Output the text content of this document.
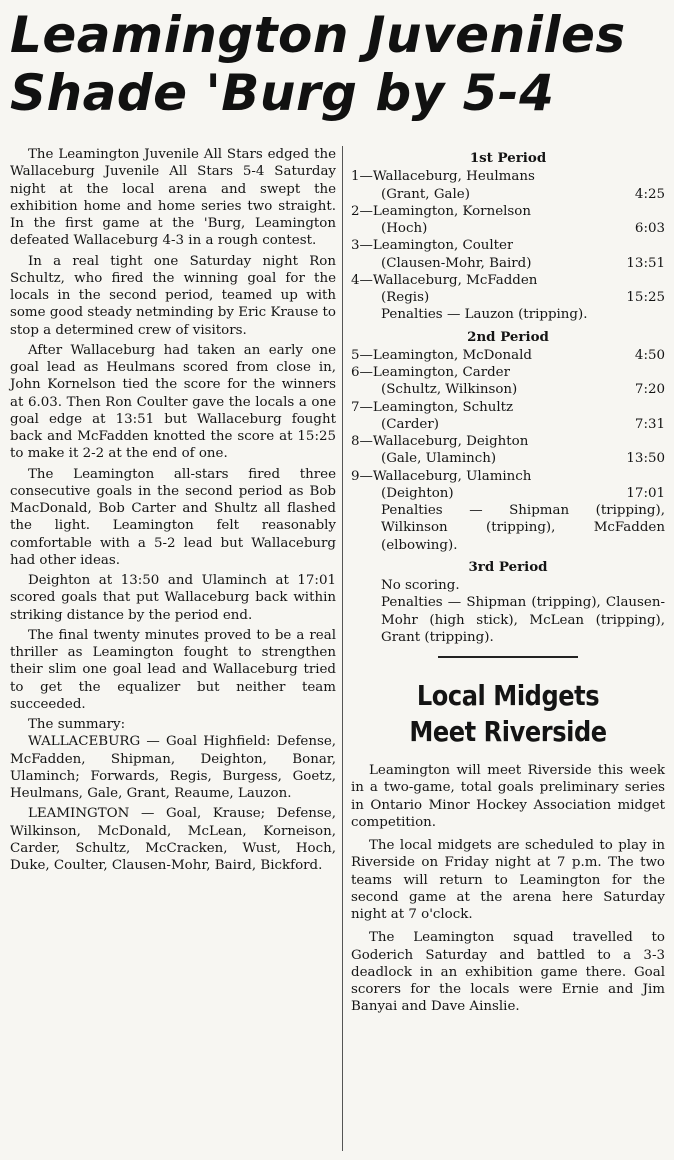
Leamington Juveniles
Shade 'Burg by 5-4

The Leamington Juvenile All Stars edged the Wallaceburg Juvenile All Stars 5-4 Saturday night at the local arena and swept the exhibition home and home series two straight. In the first game at the 'Burg, Leamington defeated Wallaceburg 4-3 in a rough contest.

In a real tight one Saturday night Ron Schultz, who fired the winning goal for the locals in the second period, teamed up with some good steady netminding by Eric Krause to stop a determined crew of visitors.

After Wallaceburg had taken an early one goal lead as Heulmans scored from close in, John Kornelson tied the score for the winners at 6.03. Then Ron Coulter gave the locals a one goal edge at 13:51 but Wallaceburg fought back and McFadden knotted the score at 15:25 to make it 2-2 at the end of one.

The Leamington all-stars fired three consecutive goals in the second period as Bob MacDonald, Bob Carter and Shultz all flashed the light. Leamington felt reasonably comfortable with a 5-2 lead but Wallaceburg had other ideas.

Deighton at 13:50 and Ulaminch at 17:01 scored goals that put Wallaceburg back within striking distance by the period end.

The final twenty minutes proved to be a real thriller as Leamington fought to strengthen their slim one goal lead and Wallaceburg tried to get the equalizer but neither team succeeded.

The summary:

WALLACEBURG — Goal Highfield: Defense, McFadden, Shipman, Deighton, Bonar, Ulaminch; Forwards, Regis, Burgess, Goetz, Heulmans, Gale, Grant, Reaume, Lauzon.

LEAMINGTON — Goal, Krause; Defense, Wilkinson, McDonald, McLean, Korneison, Carder, Schultz, McCracken, Wust, Hoch, Duke, Coulter, Clausen-Mohr, Baird, Bickford.

1st Period
1—Wallaceburg, Heulmans
(Grant, Gale)	4:25
2—Leamington, Kornelson
(Hoch)	6:03
3—Leamington, Coulter
(Clausen-Mohr, Baird)	13:51
4—Wallaceburg, McFadden
(Regis)	15:25
Penalties — Lauzon (tripping).
2nd Period
5—Leamington, McDonald	4:50
6—Leamington, Carder
(Schultz, Wilkinson)	7:20
7—Leamington, Schultz
(Carder)	7:31
8—Wallaceburg, Deighton
(Gale, Ulaminch)	13:50
9—Wallaceburg, Ulaminch
(Deighton)	17:01
Penalties — Shipman (tripping), Wilkinson (tripping), McFadden (elbowing).
3rd Period
No scoring.
Penalties — Shipman (tripping), Clausen-Mohr (high stick), McLean (tripping), Grant (tripping).
Local Midgets
Meet Riverside

Leamington will meet Riverside this week in a two-game, total goals preliminary series in Ontario Minor Hockey Association midget competition.

The local midgets are scheduled to play in Riverside on Friday night at 7 p.m. The two teams will return to Leamington for the second game at the arena here Saturday night at 7 o'clock.

The Leamington squad travelled to Goderich Saturday and battled to a 3-3 deadlock in an exhibition game there. Goal scorers for the locals were Ernie and Jim Banyai and Dave Ainslie.
